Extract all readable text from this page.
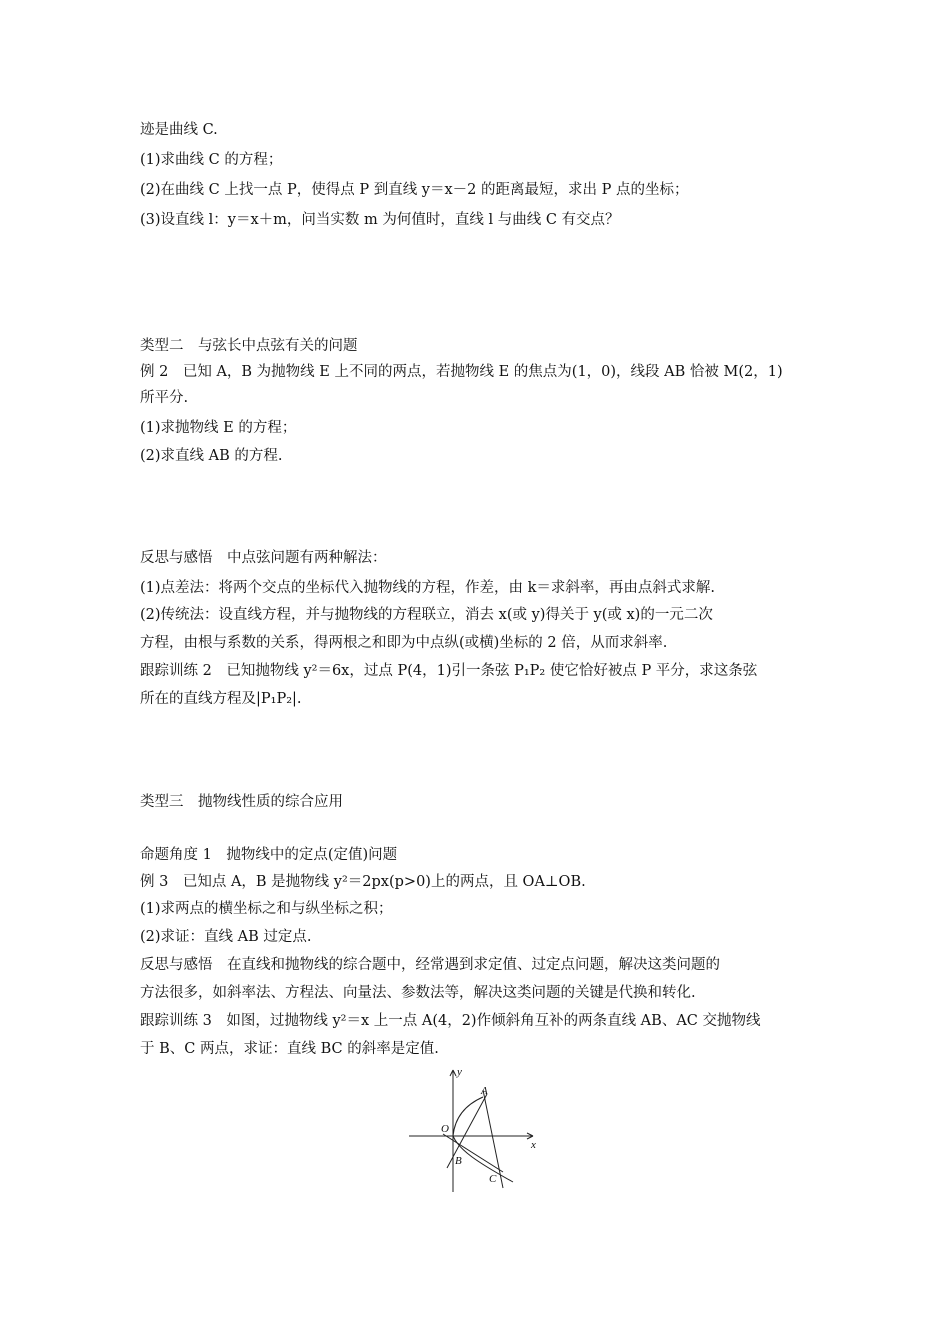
迹是曲线 C.
(1)求曲线 C 的方程；
(2)在曲线 C 上找一点 P，使得点 P 到直线 y＝x－2 的距离最短，求出 P 点的坐标；
(3)设直线 l：y＝x＋m，问当实数 m 为何值时，直线 l 与曲线 C 有交点？
类型二　与弦长中点弦有关的问题
例 2　已知 A，B 为抛物线 E 上不同的两点，若抛物线 E 的焦点为(1，0)，线段 AB 恰被 M(2，1)
所平分.
(1)求抛物线 E 的方程；
(2)求直线 AB 的方程.
反思与感悟　中点弦问题有两种解法：
(1)点差法：将两个交点的坐标代入抛物线的方程，作差，由 k＝求斜率，再由点斜式求解.
(2)传统法：设直线方程，并与抛物线的方程联立，消去 x(或 y)得关于 y(或 x)的一元二次
方程，由根与系数的关系，得两根之和即为中点纵(或横)坐标的 2 倍，从而求斜率.
跟踪训练 2　已知抛物线 y²＝6x，过点 P(4，1)引一条弦 P₁P₂ 使它恰好被点 P 平分，求这条弦
所在的直线方程及|P₁P₂|.
类型三　抛物线性质的综合应用
命题角度 1　抛物线中的定点(定值)问题
例 3　已知点 A，B 是抛物线 y²＝2px(p>0)上的两点，且 OA⊥OB.
(1)求两点的横坐标之和与纵坐标之积；
(2)求证：直线 AB 过定点.
反思与感悟　在直线和抛物线的综合题中，经常遇到求定值、过定点问题，解决这类问题的
方法很多，如斜率法、方程法、向量法、参数法等，解决这类问题的关键是代换和转化.
跟踪训练 3　如图，过抛物线 y²＝x 上一点 A(4，2)作倾斜角互补的两条直线 AB、AC 交抛物线
于 B、C 两点，求证：直线 BC 的斜率是定值.
y
x
O
A
B
C
